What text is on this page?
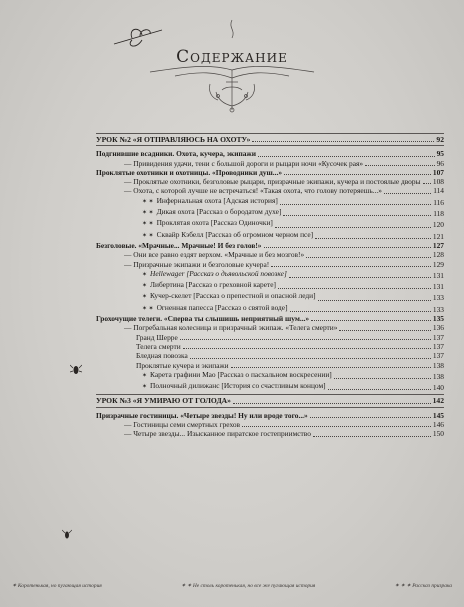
Содержание
УРОК №2 «Я ОТПРАВЛЯЮСЬ НА ОХОТУ»	92
Подгнившие всадники. Охота, кучера, экипажи	95
— Привидения удачи, тени с большой дороги и рыцари ночи «Кусочек рая»	96
Проклятые охотники и охотницы. «Проводники душ...»	107
— Проклятые охотники, безголовые рыцари, призрачные экипажи, кучера и постоялые дворы 108
— Охота, с которой лучше не встречаться! «Такая охота, что голову потеряешь...»	114
✶ ✶ Инфернальная охота [Адская история]	116
✶ ✶ Дикая охота [Рассказ о бородатом духе]	118
✶ ✶ Проклятая охота [Рассказ Одиночки]	120
✶ ✶ Сквайр Кэбелл [Рассказ об огромном черном псе]	121
Безголовые. «Мрачные... Мрачные! И без голов!»	127
— Они все равно ездят верхом. «Мрачные и без мозгов!»	128
— Призрачные экипажи и безголовые кучера!	129
✶ Hellewager [Рассказ о дьявольской повозке]	131
✶ Либертина [Рассказ о греховной карете]	131
✶ Кучер-скелет [Рассказ о препестной и опасной леди]	133
✶ ✶ Огненная папесса [Рассказ о святой воде]	133
Грохочущие телеги. «Сперва ты слышишь неприятный шум...»	135
— Погребальная колесница и призрачный экипаж. «Телега смерти»	136
Гранд Шерре	137
Телега смерти	137
Бледная повозка	137
Проклятые кучера и экипажи	138
✶ Карета графини Мао [Рассказ о пасхальном воскресении]	138
✶ Полночный дилижанс [История со счастливым концом]	140
УРОК №3 «Я УМИРАЮ ОТ ГОЛОДА»	142
Призрачные гостиницы. «Четыре звезды! Ну или вроде того...»	145
— Гостиницы семи смертных грехов	146
— Четыре звезды... Изысканное пиратское гостеприимство	150
✶ Коротенькая, но пугающая история	✶ ✶ Не столь коротенькая, но все же пугающая история	✶ ✶ ✶ Рассказ призрака
